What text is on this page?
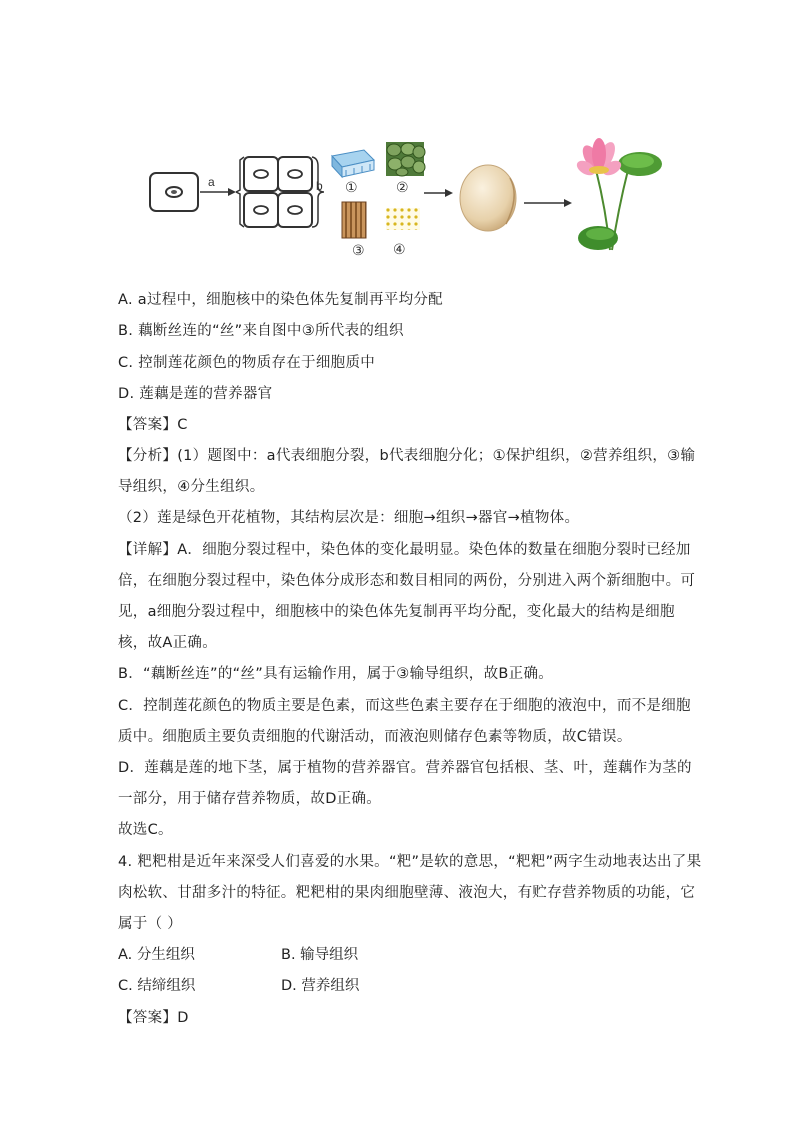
a	b ①	②
③ ④
A. a过程中，细胞核中的染色体先复制再平均分配
B. 藕断丝连的“丝”来自图中③所代表的组织
C. 控制莲花颜色的物质存在于细胞质中
D. 莲藕是莲的营养器官
【答案】C
【分析】(1）题图中：a代表细胞分裂，b代表细胞分化；①保护组织，②营养组织，③输
导组织，④分生组织。
（2）莲是绿色开花植物，其结构层次是：细胞→组织→器官→植物体。
【详解】A．细胞分裂过程中，染色体的变化最明显。染色体的数量在细胞分裂时已经加
倍，在细胞分裂过程中，染色体分成形态和数目相同的两份，分别进入两个新细胞中。可
见，a细胞分裂过程中，细胞核中的染色体先复制再平均分配，变化最大的结构是细胞
核，故A正确。
B．“藕断丝连”的“丝”具有运输作用，属于③输导组织，故B正确。
C．控制莲花颜色的物质主要是色素，而这些色素主要存在于细胞的液泡中，而不是细胞
质中。细胞质主要负责细胞的代谢活动，而液泡则储存色素等物质，故C错误。
D．莲藕是莲的地下茎，属于植物的营养器官。营养器官包括根、茎、叶，莲藕作为茎的
一部分，用于储存营养物质，故D正确。
故选C。
4. 粑粑柑是近年来深受人们喜爱的水果。“粑”是软的意思，“粑粑”两字生动地表达出了果
肉松软、甘甜多汁的特征。粑粑柑的果肉细胞壁薄、液泡大，有贮存营养物质的功能，它
属于（ ）
A. 分生组织	B. 输导组织
C. 结缔组织	D. 营养组织
【答案】D
